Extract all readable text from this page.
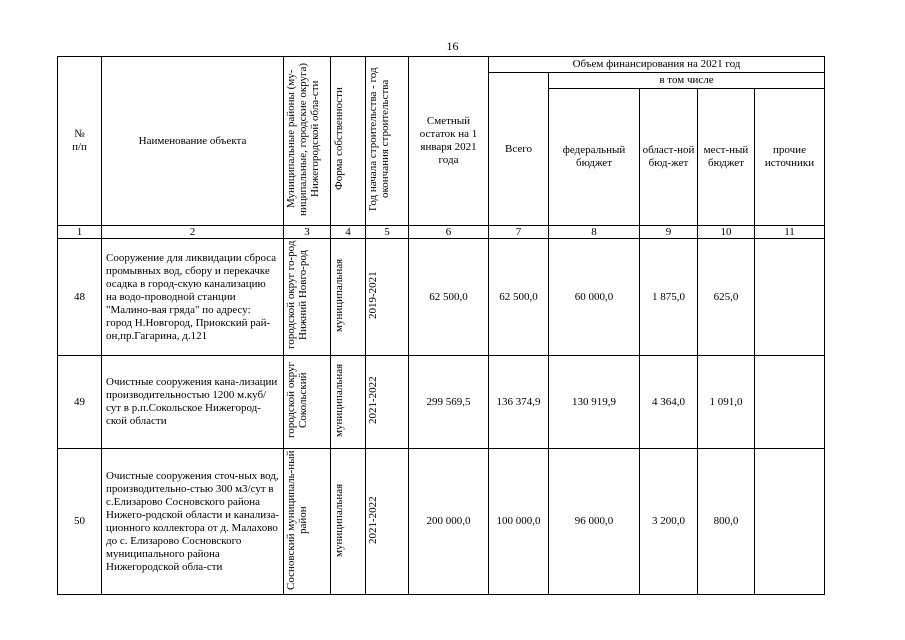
16
№
п/п	Наименование объекта	Муниципальные районы (му-ниципальные, городские округа) Нижегородской обла-сти	Форма собственности	Год начала строительства - год окончания строительства	Сметный остаток на 1 января 2021 года	Объем финансирования на 2021 год				
						Всего	в том числе			
							федеральный бюджет	област-ной бюд-жет	мест-ный бюджет	прочие источники
1	2	3	4	5	6	7	8	9	10	11
48	Сооружение для ликвидации сброса промывных вод, сбору и перекачке осадка в город-скую канализацию на водо-проводной станции "Малино-вая гряда" по адресу: город Н.Новгород, Приокский рай-он,пр.Гагарина, д.121	городской округ го-род Нижний Новго-род	муниципальная	2019-2021	62 500,0	62 500,0	60 000,0	1 875,0	625,0	
49	Очистные сооружения кана-лизации производительностью 1200 м.куб/сут в р.п.Сокольское Нижегород-ской области	городской округ Сокольский	муниципальная	2021-2022	299 569,5	136 374,9	130 919,9	4 364,0	1 091,0	
50	Очистные сооружения сточ-ных вод, производительно-стью 300 м3/сут в с.Елизарово Сосновского района Нижего-родской области и канализа-ционного коллектора от д. Малахово до с. Елизарово Сосновского муниципального района Нижегородской обла-сти	Сосновский муниципаль-ный район	муниципальная	2021-2022	200 000,0	100 000,0	96 000,0	3 200,0	800,0	
